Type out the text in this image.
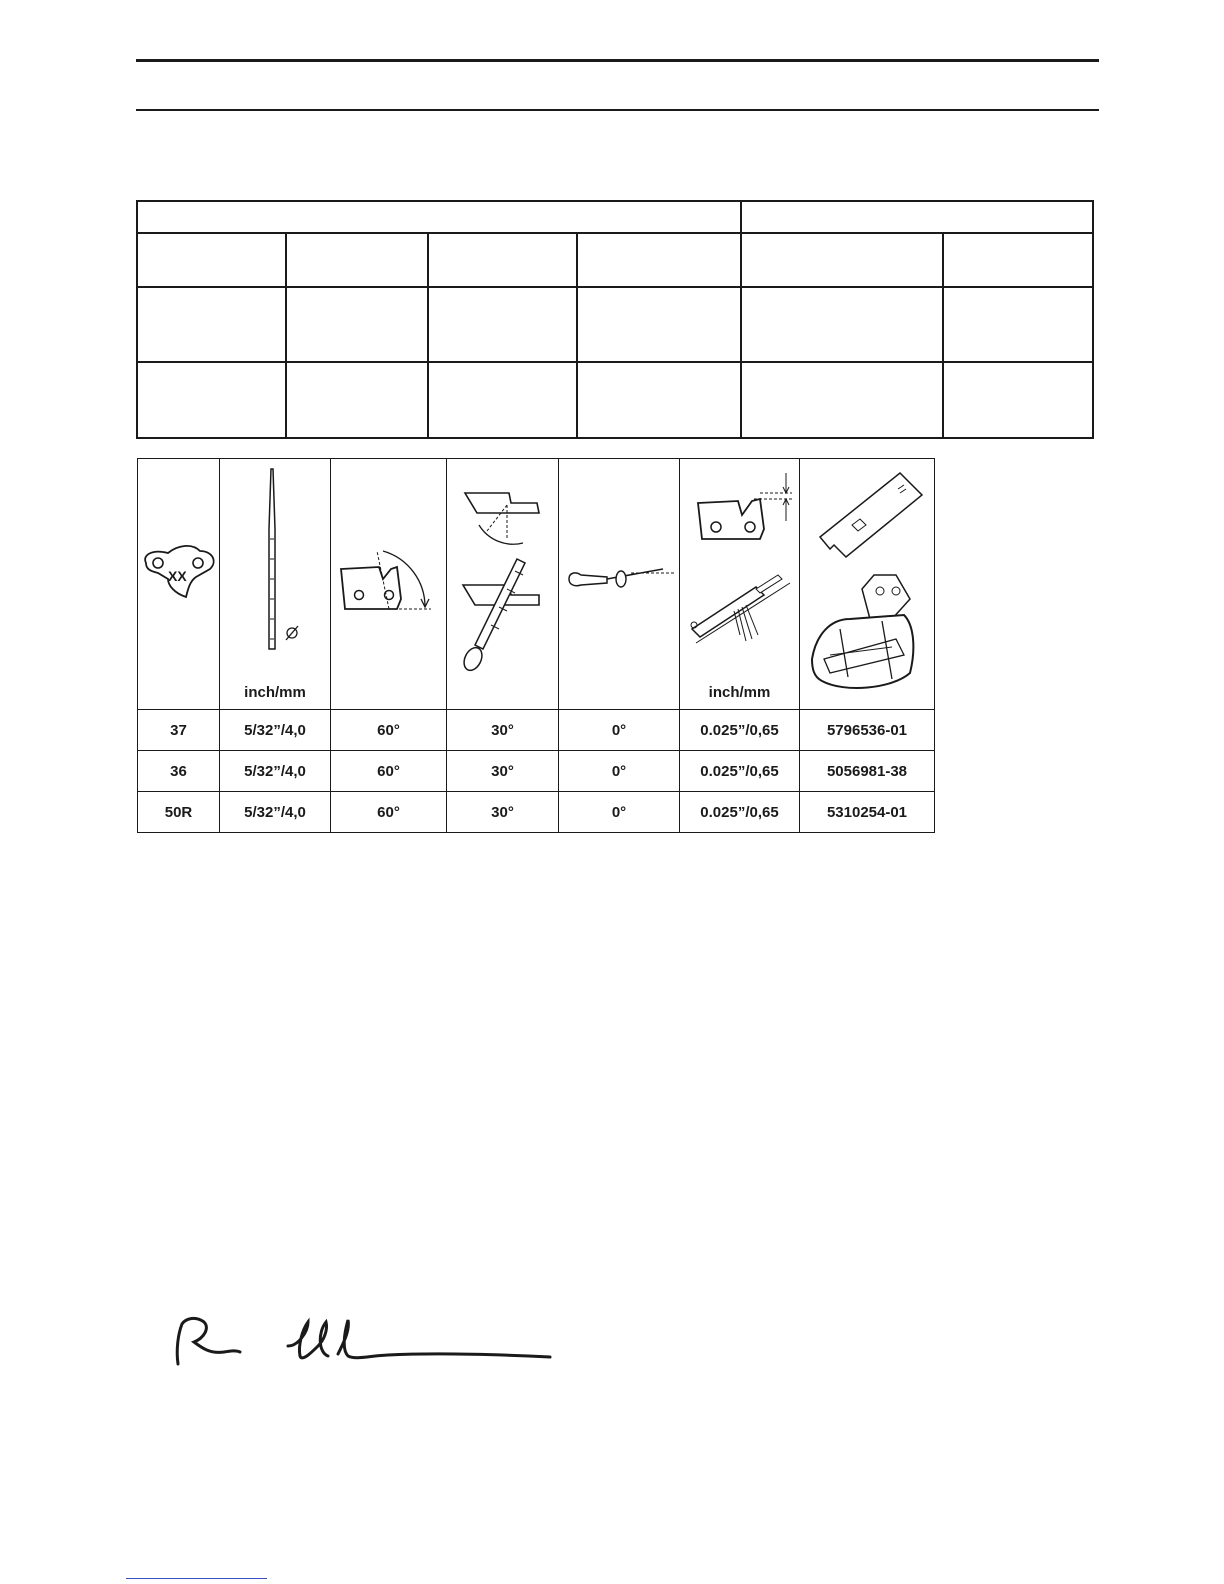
XX	inch/mm				inch/mm

37	5/32”/4,0	60°	30°	0°	0.025”/0,65	5796536-01
36	5/32”/4,0	60°	30°	0°	0.025”/0,65	5056981-38
50R	5/32”/4,0	60°	30°	0°	0.025”/0,65	5310254-01
